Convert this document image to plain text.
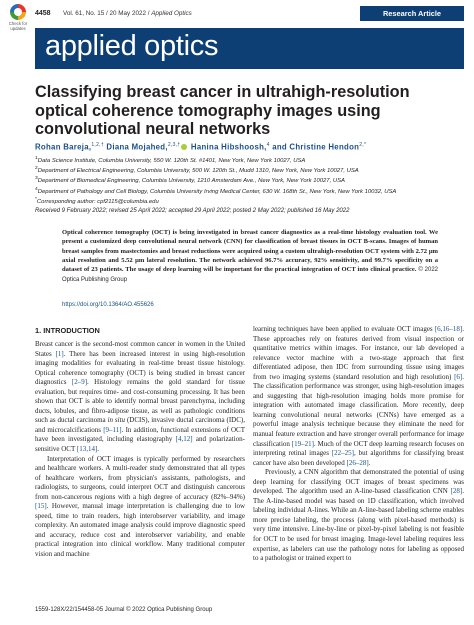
Check for updates
4458	Vol. 61, No. 15 / 20 May 2022 / Applied Optics	Research Article
applied optics
Classifying breast cancer in ultrahigh-resolution optical coherence tomography images using convolutional neural networks
Rohan Bareja,$^{1,2,\dagger}$ Diana Mojahed,$^{2,3,\dagger}$ Hanina Hibshoosh,$^4$ and Christine Hendon$^{2,*}$
$^1$Data Science Institute, Columbia University, 550 W. 120th St. #1401, New York, New York 10027, USA
$^2$Department of Electrical Engineering, Columbia University, 500 W. 120th St., Mudd 1310, New York, New York 10027, USA
$^3$Department of Biomedical Engineering, Columbia University, 1210 Amsterdam Ave., New York, New York 10027, USA
$^4$Department of Pathology and Cell Biology, Columbia University Irving Medical Center, 630 W. 168th St., New York, New York 10032, USA
*Corresponding author: cpf2115@columbia.edu
Received 9 February 2022; revised 25 April 2022; accepted 29 April 2022; posted 2 May 2022; published 16 May 2022
Optical coherence tomography (OCT) is being investigated in breast cancer diagnostics as a real-time histology evaluation tool. We present a customized deep convolutional neural network (CNN) for classification of breast tissues in OCT B-scans. Images of human breast samples from mastectomies and breast reductions were acquired using a custom ultrahigh-resolution OCT system with 2.72 μm axial resolution and 5.52 μm lateral resolution. The network achieved 96.7% accuracy, 92% sensitivity, and 99.7% specificity on a dataset of 23 patients. The usage of deep learning will be important for the practical integration of OCT into clinical practice. © 2022 Optica Publishing Group
https://doi.org/10.1364/AO.455626
1. INTRODUCTION

Breast cancer is the second-most common cancer in women in the United States [1]. There has been increased interest in using high-resolution imaging modalities for evaluating in real-time breast tissue histology. Optical coherence tomography (OCT) is being studied in breast cancer diagnostics [2–9]. Histology remains the gold standard for tissue evaluation, but requires time- and cost-consuming processing. It has been shown that OCT is able to identify normal breast parenchyma, including ducts, lobules, and fibro-adipose tissue, as well as pathologic conditions such as ductal carcinoma in situ (DCIS), invasive ductal carcinoma (IDC), and microcalcifications [9–11]. In addition, functional extensions of OCT have been investigated, including elastography [4,12] and polarization-sensitive OCT [13,14].

Interpretation of OCT images is typically performed by researchers and healthcare workers. A multi-reader study demonstrated that all types of healthcare workers, from physician's assistants, pathologists, and radiologists, to surgeons, could interpret OCT and distinguish cancerous from non-cancerous regions with a high degree of accuracy (82%–94%) [15]. However, manual image interpretation is challenging due to low speed, time to train readers, high interobserver variability, and image complexity. An automated image analysis could improve diagnostic speed and accuracy, reduce cost and interobserver variability, and enable practical integration into clinical workflow. Many traditional computer vision and machine

learning techniques have been applied to evaluate OCT images [6,16–18]. These approaches rely on features derived from visual inspection or quantitative metrics within images. For instance, our lab developed a relevance vector machine with a two-stage approach that first differentiated adipose, then IDC from surrounding tissue using images from two imaging systems (standard resolution and high resolution) [6]. The classification performance was stronger, using high-resolution images and suggesting that high-resolution imaging holds more promise for integration with automated image classification. More recently, deep learning convolutional neural networks (CNNs) have emerged as a powerful image analysis technique because they eliminate the need for manual feature extraction and have stronger overall performance for image classification [19–21]. Much of the OCT deep learning research focuses on interpreting retinal images [22–25], but algorithms for classifying breast cancer have also been developed [26–28].

Previously, a CNN algorithm that demonstrated the potential of using deep learning for classifying OCT images of breast specimens was developed. The algorithm used an A-line-based classification CNN [28]. The A-line-based model was based on 1D classification, which involved labeling individual A-lines. While an A-line-based labeling scheme enables more precise labeling, the process (along with pixel-based methods) is very time intensive. Line-by-line or pixel-by-pixel labeling is not feasible for OCT to be used for breast imaging. Image-level labeling requires less expertise, as labelers can use the pathology notes for labeling as opposed to a pathologist or trained expert to

1559-128X/22/154458-05 Journal © 2022 Optica Publishing Group
